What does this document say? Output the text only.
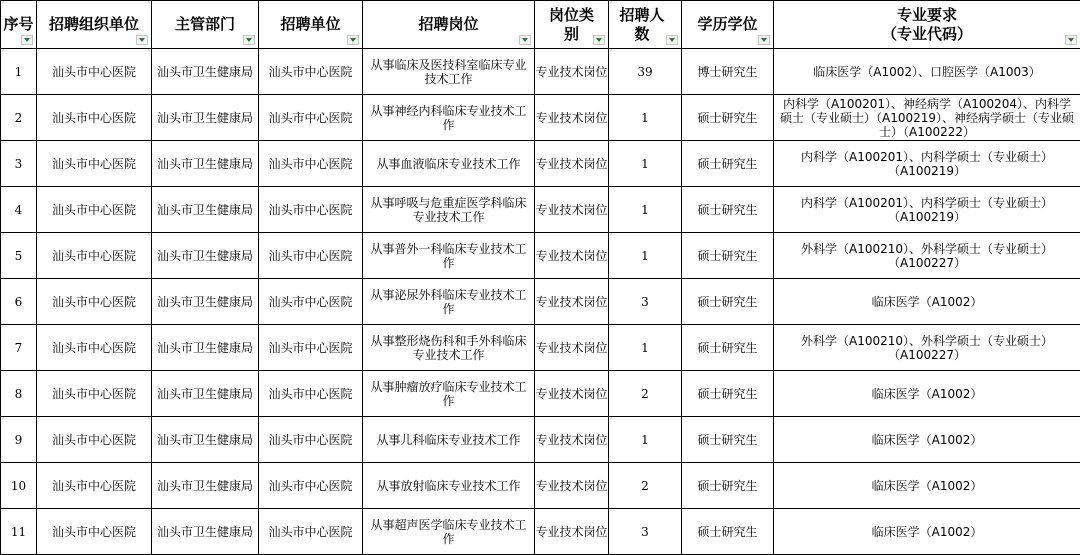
序号	招聘组织单位	主管部门	招聘单位	招聘岗位	岗位类别	招聘人数	学历学位	专业要求
（专业代码）

1	汕头市中心医院	汕头市卫生健康局	汕头市中心医院	从事临床及医技科室临床专业技术工作	专业技术岗位	39	博士研究生	临床医学（A1002）、口腔医学（A1003）
2	汕头市中心医院	汕头市卫生健康局	汕头市中心医院	从事神经内科临床专业技术工作	专业技术岗位	1	硕士研究生	内科学（A100201）、神经病学（A100204）、内科学硕士（专业硕士）（A100219）、神经病学硕士（专业硕士）（A100222）
3	汕头市中心医院	汕头市卫生健康局	汕头市中心医院	从事血液临床专业技术工作	专业技术岗位	1	硕士研究生	内科学（A100201）、内科学硕士（专业硕士）（A100219）
4	汕头市中心医院	汕头市卫生健康局	汕头市中心医院	从事呼吸与危重症医学科临床专业技术工作	专业技术岗位	1	硕士研究生	内科学（A100201）、内科学硕士（专业硕士）（A100219）
5	汕头市中心医院	汕头市卫生健康局	汕头市中心医院	从事普外一科临床专业技术工作	专业技术岗位	1	硕士研究生	外科学（A100210）、外科学硕士（专业硕士）（A100227）
6	汕头市中心医院	汕头市卫生健康局	汕头市中心医院	从事泌尿外科临床专业技术工作	专业技术岗位	3	硕士研究生	临床医学（A1002）
7	汕头市中心医院	汕头市卫生健康局	汕头市中心医院	从事整形烧伤科和手外科临床专业技术工作	专业技术岗位	1	硕士研究生	外科学（A100210）、外科学硕士（专业硕士）（A100227）
8	汕头市中心医院	汕头市卫生健康局	汕头市中心医院	从事肿瘤放疗临床专业技术工作	专业技术岗位	2	硕士研究生	临床医学（A1002）
9	汕头市中心医院	汕头市卫生健康局	汕头市中心医院	从事儿科临床专业技术工作	专业技术岗位	1	硕士研究生	临床医学（A1002）
10	汕头市中心医院	汕头市卫生健康局	汕头市中心医院	从事放射临床专业技术工作	专业技术岗位	2	硕士研究生	临床医学（A1002）
11	汕头市中心医院	汕头市卫生健康局	汕头市中心医院	从事超声医学临床专业技术工作	专业技术岗位	3	硕士研究生	临床医学（A1002）
